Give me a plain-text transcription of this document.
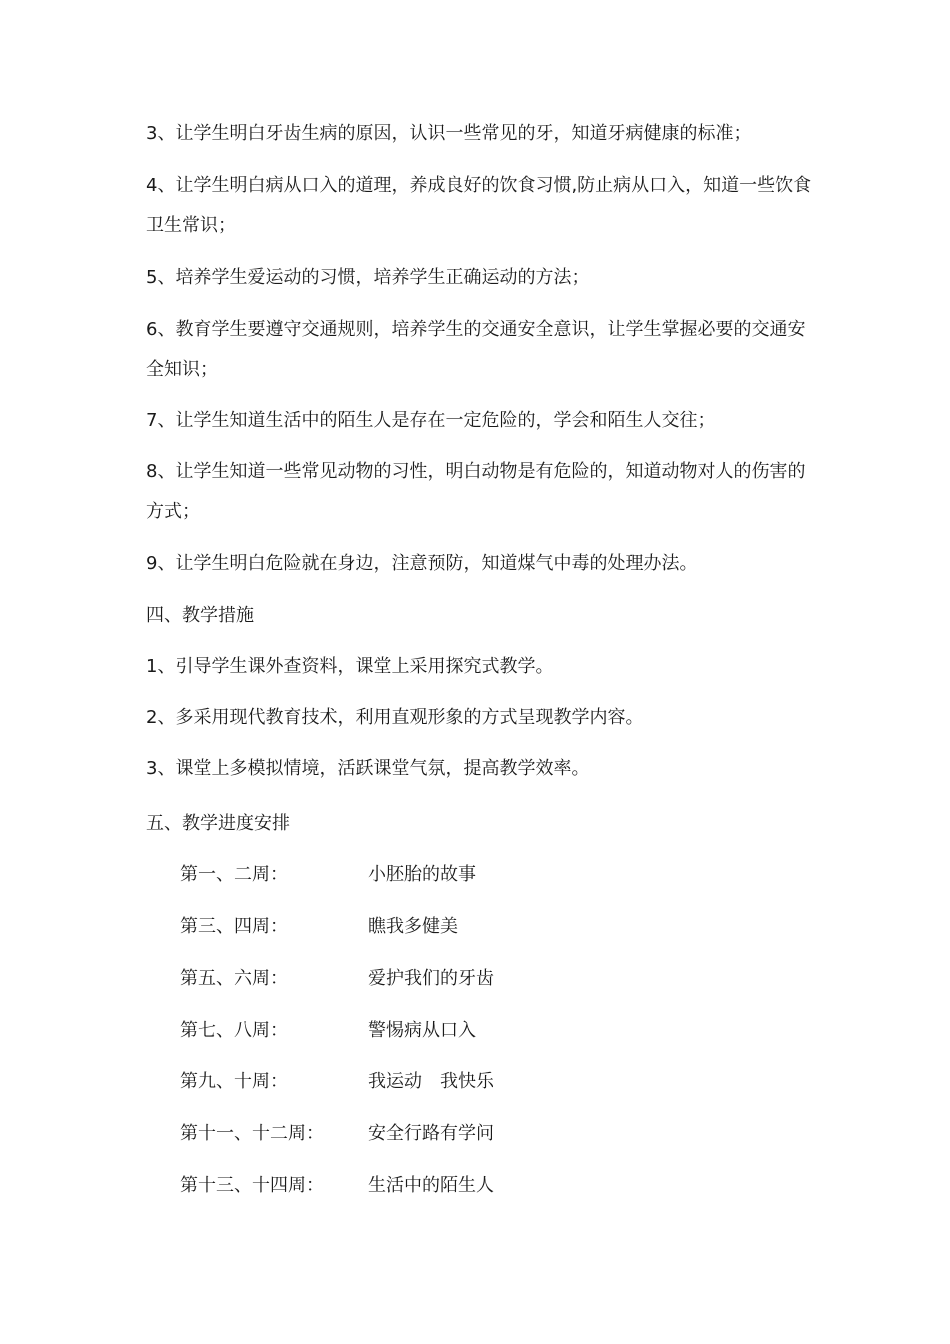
3、让学生明白牙齿生病的原因，认识一些常见的牙，知道牙病健康的标准；
4、让学生明白病从口入的道理，养成良好的饮食习惯,防止病从口入，知道一些饮食卫生常识；
5、培养学生爱运动的习惯，培养学生正确运动的方法；
6、教育学生要遵守交通规则，培养学生的交通安全意识，让学生掌握必要的交通安全知识；
7、让学生知道生活中的陌生人是存在一定危险的，学会和陌生人交往；
8、让学生知道一些常见动物的习性，明白动物是有危险的，知道动物对人的伤害的方式；
9、让学生明白危险就在身边，注意预防，知道煤气中毒的处理办法。
四、教学措施
1、引导学生课外查资料，课堂上采用探究式教学。
2、多采用现代教育技术，利用直观形象的方式呈现教学内容。
3、课堂上多模拟情境，活跃课堂气氛，提高教学效率。
五、教学进度安排
第一、二周：	小胚胎的故事
第三、四周：	瞧我多健美
第五、六周：	爱护我们的牙齿
第七、八周：	警惕病从口入
第九、十周：	我运动　我快乐
第十一、十二周： 安全行路有学问
第十三、十四周： 生活中的陌生人
